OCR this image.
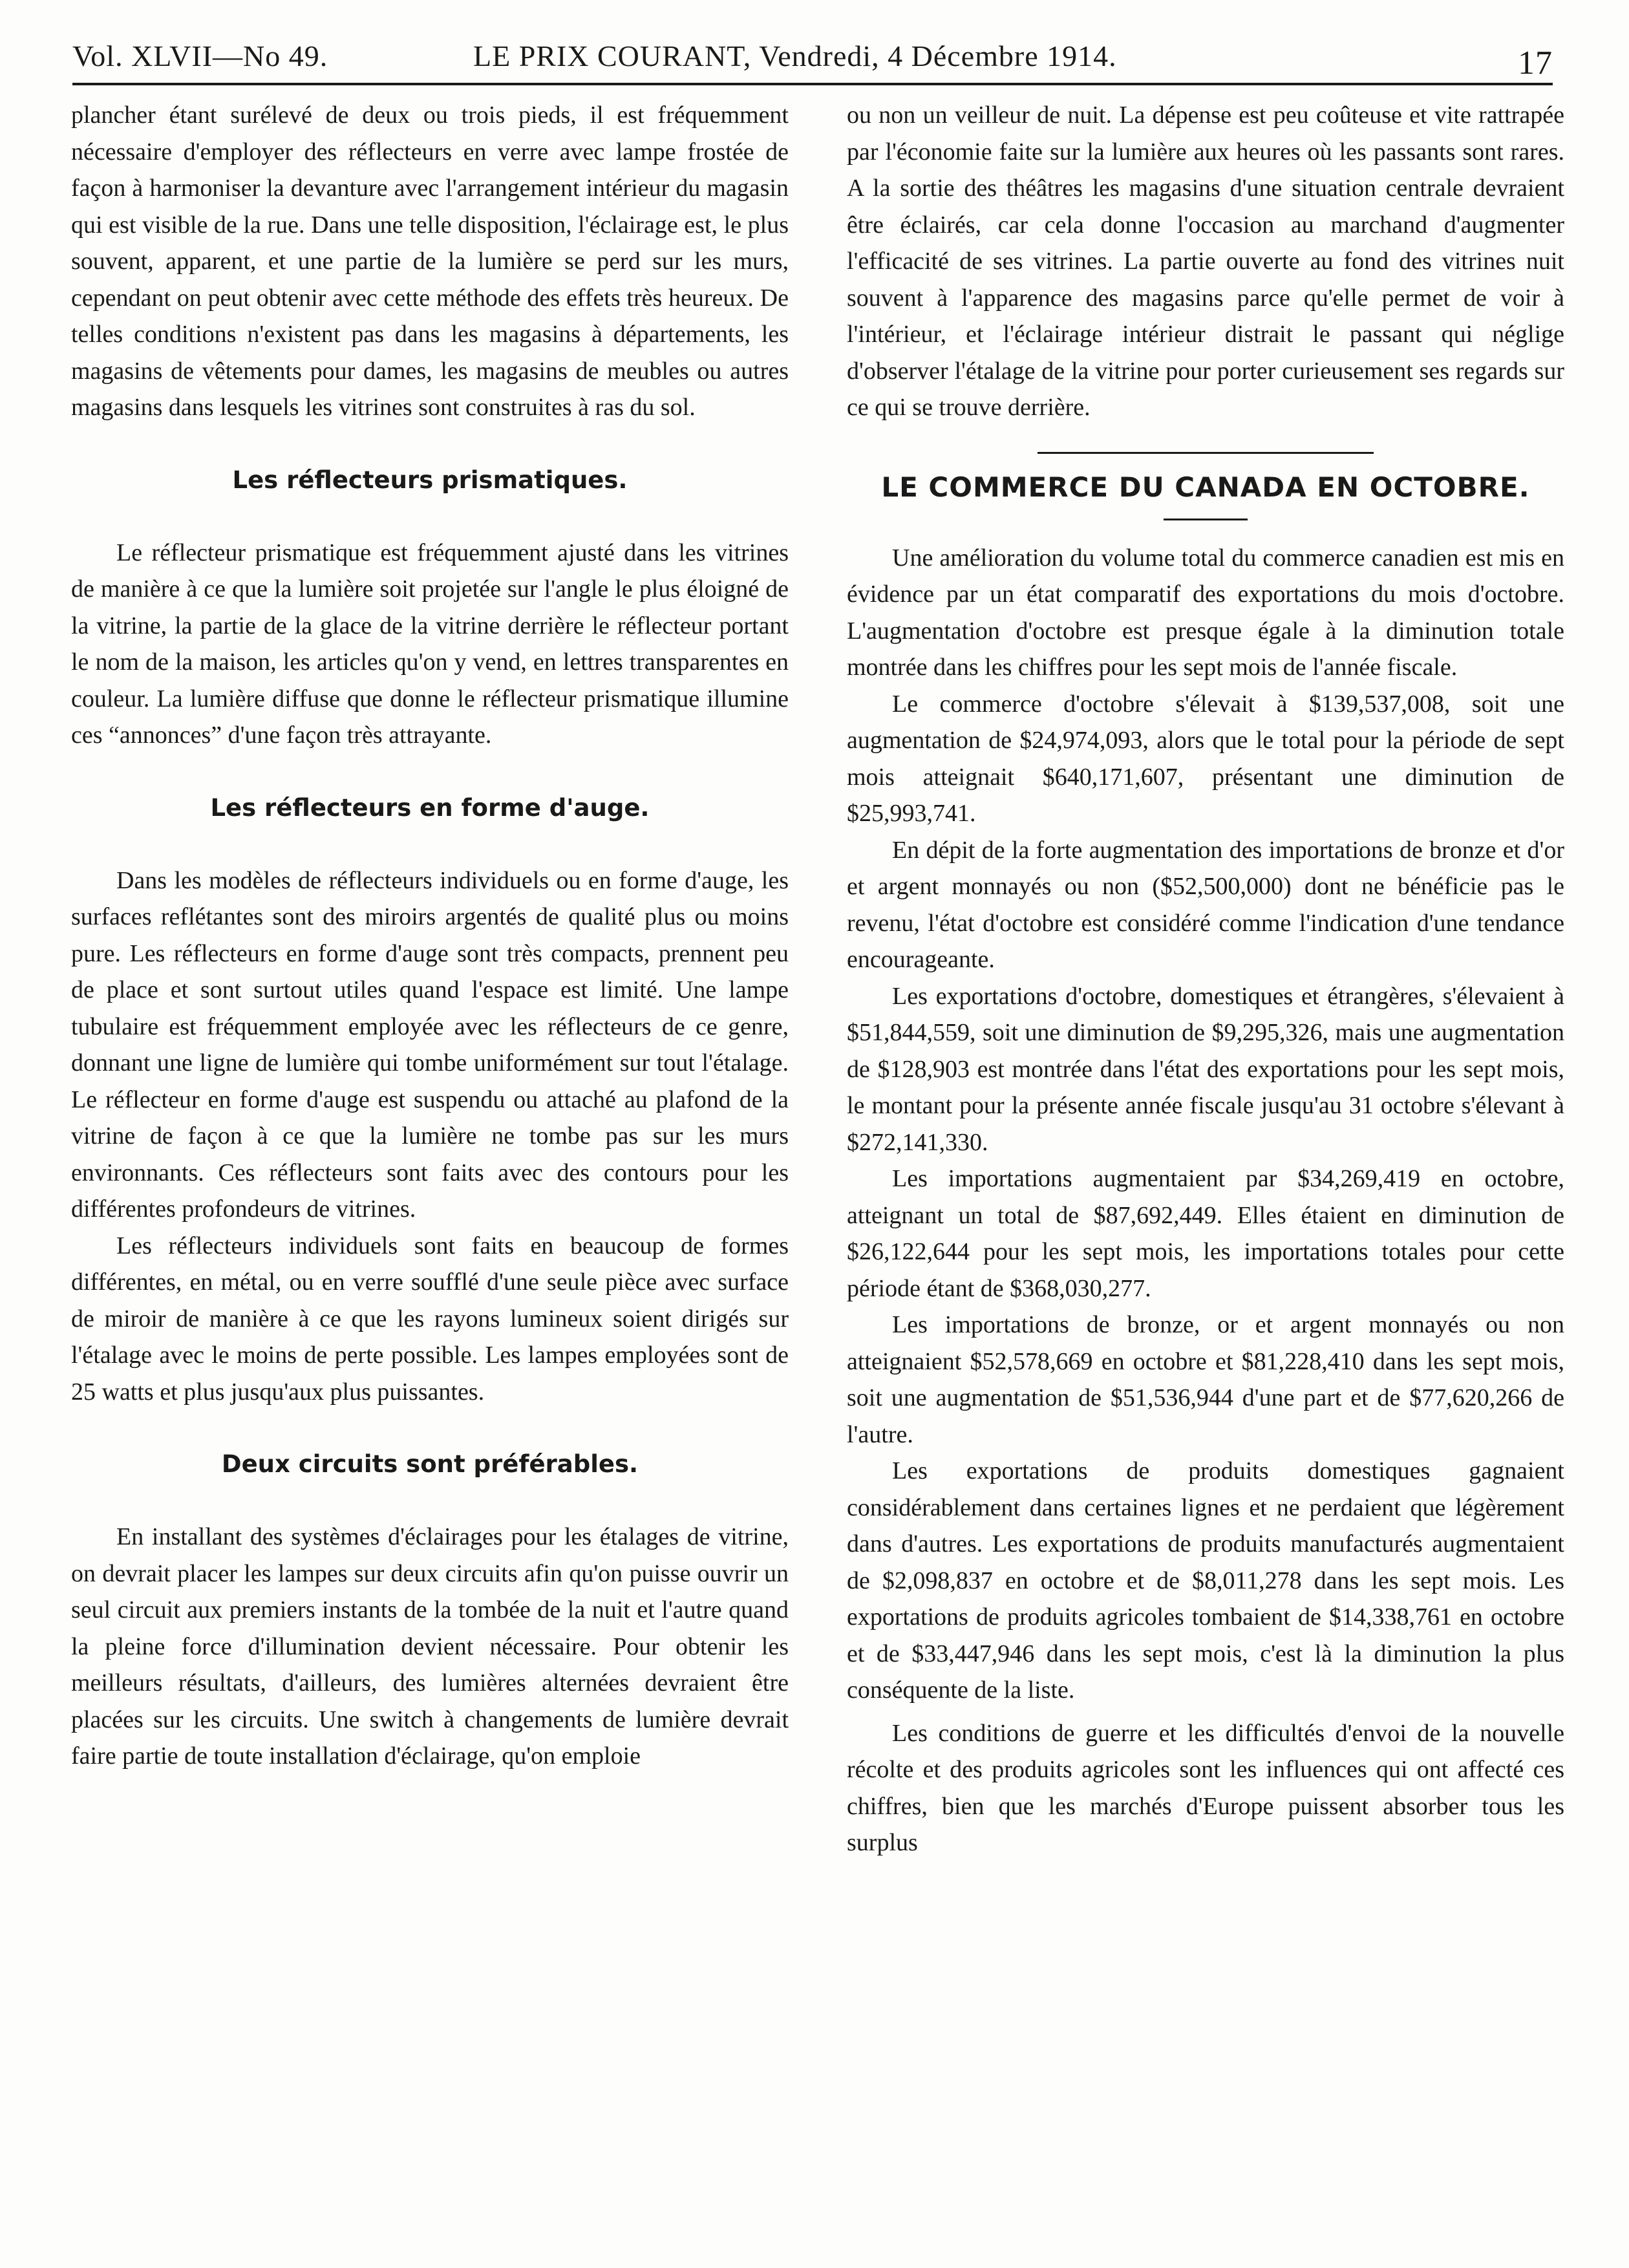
Vol. XLVII—No 49.	LE PRIX COURANT, Vendredi, 4 Décembre 1914.	17

plancher étant surélevé de deux ou trois pieds, il est fréquemment nécessaire d'employer des réflecteurs en verre avec lampe frostée de façon à harmoniser la devanture avec l'arrangement intérieur du magasin qui est visible de la rue. Dans une telle disposition, l'éclairage est, le plus souvent, apparent, et une partie de la lumière se perd sur les murs, cependant on peut obtenir avec cette méthode des effets très heureux. De telles conditions n'existent pas dans les magasins à départements, les magasins de vêtements pour dames, les magasins de meubles ou autres magasins dans lesquels les vitrines sont construites à ras du sol.

Les réflecteurs prismatiques.

Le réflecteur prismatique est fréquemment ajusté dans les vitrines de manière à ce que la lumière soit projetée sur l'angle le plus éloigné de la vitrine, la partie de la glace de la vitrine derrière le réflecteur portant le nom de la maison, les articles qu'on y vend, en lettres transparentes en couleur. La lumière diffuse que donne le réflecteur prismatique illumine ces “annonces” d'une façon très attrayante.

Les réflecteurs en forme d'auge.

Dans les modèles de réflecteurs individuels ou en forme d'auge, les surfaces reflétantes sont des miroirs argentés de qualité plus ou moins pure. Les réflecteurs en forme d'auge sont très compacts, prennent peu de place et sont surtout utiles quand l'espace est limité. Une lampe tubulaire est fréquemment employée avec les réflecteurs de ce genre, donnant une ligne de lumière qui tombe uniformément sur tout l'étalage. Le réflecteur en forme d'auge est suspendu ou attaché au plafond de la vitrine de façon à ce que la lumière ne tombe pas sur les murs environnants. Ces réflecteurs sont faits avec des contours pour les différentes profondeurs de vitrines.

Les réflecteurs individuels sont faits en beaucoup de formes différentes, en métal, ou en verre soufflé d'une seule pièce avec surface de miroir de manière à ce que les rayons lumineux soient dirigés sur l'étalage avec le moins de perte possible. Les lampes employées sont de 25 watts et plus jusqu'aux plus puissantes.

Deux circuits sont préférables.

En installant des systèmes d'éclairages pour les étalages de vitrine, on devrait placer les lampes sur deux circuits afin qu'on puisse ouvrir un seul circuit aux premiers instants de la tombée de la nuit et l'autre quand la pleine force d'illumination devient nécessaire. Pour obtenir les meilleurs résultats, d'ailleurs, des lumières alternées devraient être placées sur les circuits. Une switch à changements de lumière devrait faire partie de toute installation d'éclairage, qu'on emploie

ou non un veilleur de nuit. La dépense est peu coûteuse et vite rattrapée par l'économie faite sur la lumière aux heures où les passants sont rares. A la sortie des théâtres les magasins d'une situation centrale devraient être éclairés, car cela donne l'occasion au marchand d'augmenter l'efficacité de ses vitrines. La partie ouverte au fond des vitrines nuit souvent à l'apparence des magasins parce qu'elle permet de voir à l'intérieur, et l'éclairage intérieur distrait le passant qui néglige d'observer l'étalage de la vitrine pour porter curieusement ses regards sur ce qui se trouve derrière.

LE COMMERCE DU CANADA EN OCTOBRE.

Une amélioration du volume total du commerce canadien est mis en évidence par un état comparatif des exportations du mois d'octobre. L'augmentation d'octobre est presque égale à la diminution totale montrée dans les chiffres pour les sept mois de l'année fiscale.

Le commerce d'octobre s'élevait à $139,537,008, soit une augmentation de $24,974,093, alors que le total pour la période de sept mois atteignait $640,171,607, présentant une diminution de $25,993,741.

En dépit de la forte augmentation des importations de bronze et d'or et argent monnayés ou non ($52,500,000) dont ne bénéficie pas le revenu, l'état d'octobre est considéré comme l'indication d'une tendance encourageante.

Les exportations d'octobre, domestiques et étrangères, s'élevaient à $51,844,559, soit une diminution de $9,295,326, mais une augmentation de $128,903 est montrée dans l'état des exportations pour les sept mois, le montant pour la présente année fiscale jusqu'au 31 octobre s'élevant à $272,141,330.

Les importations augmentaient par $34,269,419 en octobre, atteignant un total de $87,692,449. Elles étaient en diminution de $26,122,644 pour les sept mois, les importations totales pour cette période étant de $368,030,277.

Les importations de bronze, or et argent monnayés ou non atteignaient $52,578,669 en octobre et $81,228,410 dans les sept mois, soit une augmentation de $51,536,944 d'une part et de $77,620,266 de l'autre.

Les exportations de produits domestiques gagnaient considérablement dans certaines lignes et ne perdaient que légèrement dans d'autres. Les exportations de produits manufacturés augmentaient de $2,098,837 en octobre et de $8,011,278 dans les sept mois. Les exportations de produits agricoles tombaient de $14,338,761 en octobre et de $33,447,946 dans les sept mois, c'est là la diminution la plus conséquente de la liste.

Les conditions de guerre et les difficultés d'envoi de la nouvelle récolte et des produits agricoles sont les influences qui ont affecté ces chiffres, bien que les marchés d'Europe puissent absorber tous les surplus
